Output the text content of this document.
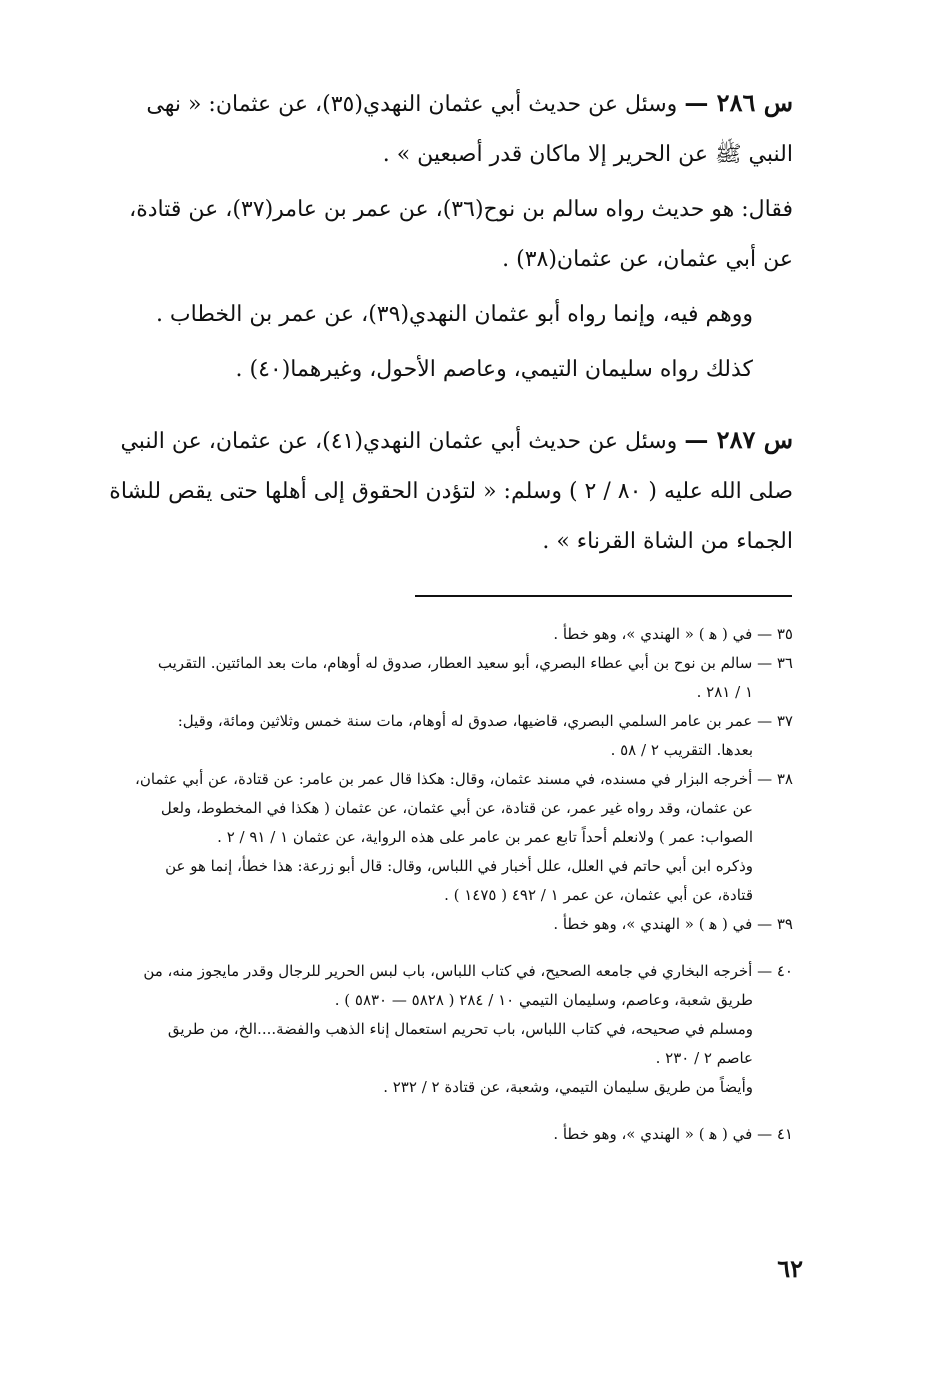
س ٢٨٦ — وسئل عن حديث أبي عثمان النهدي(٣٥)، عن عثمان: « نهى

النبي ﷺ عن الحرير إلا ماكان قدر أصبعين » .

فقال: هو حديث رواه سالم بن نوح(٣٦)، عن عمر بن عامر(٣٧)، عن قتادة،

عن أبي عثمان، عن عثمان(٣٨) .

ووهم فيه، وإنما رواه أبو عثمان النهدي(٣٩)، عن عمر بن الخطاب .

كذلك رواه سليمان التيمي، وعاصم الأحول، وغيرهما(٤٠) .

س ٢٨٧ — وسئل عن حديث أبي عثمان النهدي(٤١)، عن عثمان، عن النبي

صلى الله عليه ( ٨٠ / ٢ ) وسلم: « لتؤدن الحقوق إلى أهلها حتى يقص للشاة

الجماء من الشاة القرناء » .

٣٥ — في ( ﻫ ) « الهندي »، وهو خطأ .

٣٦ — سالم بن نوح بن أبي عطاء البصري، أبو سعيد العطار، صدوق له أوهام، مات بعد المائتين. التقريب

١ / ٢٨١ .

٣٧ — عمر بن عامر السلمي البصري، قاضيها، صدوق له أوهام، مات سنة خمس وثلاثين ومائة، وقيل:

بعدها. التقريب ٢ / ٥٨ .

٣٨ — أخرجه البزار في مسنده، في مسند عثمان، وقال: هكذا قال عمر بن عامر: عن قتادة، عن أبي عثمان،

عن عثمان، وقد رواه غير عمر، عن قتادة، عن أبي عثمان، عن عثمان ( هكذا في المخطوط، ولعل

الصواب: عمر ) ولانعلم أحداً تابع عمر بن عامر على هذه الرواية، عن عثمان ١ / ٩١ / ٢ .

وذكره ابن أبي حاتم في العلل، علل أخبار في اللباس، وقال: قال أبو زرعة: هذا خطأ، إنما هو عن

قتادة، عن أبي عثمان، عن عمر ١ / ٤٩٢ ( ١٤٧٥ ) .

٣٩ — في ( ﻫ ) « الهندي »، وهو خطأ .

٤٠ — أخرجه البخاري في جامعه الصحيح، في كتاب اللباس، باب لبس الحرير للرجال وقدر مايجوز منه، من

طريق شعبة، وعاصم، وسليمان التيمي ١٠ / ٢٨٤ ( ٥٨٢٨ — ٥٨٣٠ ) .

ومسلم في صحيحه، في كتاب اللباس، باب تحريم استعمال إناء الذهب والفضة....الخ، من طريق

عاصم ٢ / ٢٣٠ .

وأيضاً من طريق سليمان التيمي، وشعبة، عن قتادة ٢ / ٢٣٢ .

٤١ — في ( ﻫ ) « الهندي »، وهو خطأ .

٦٢
